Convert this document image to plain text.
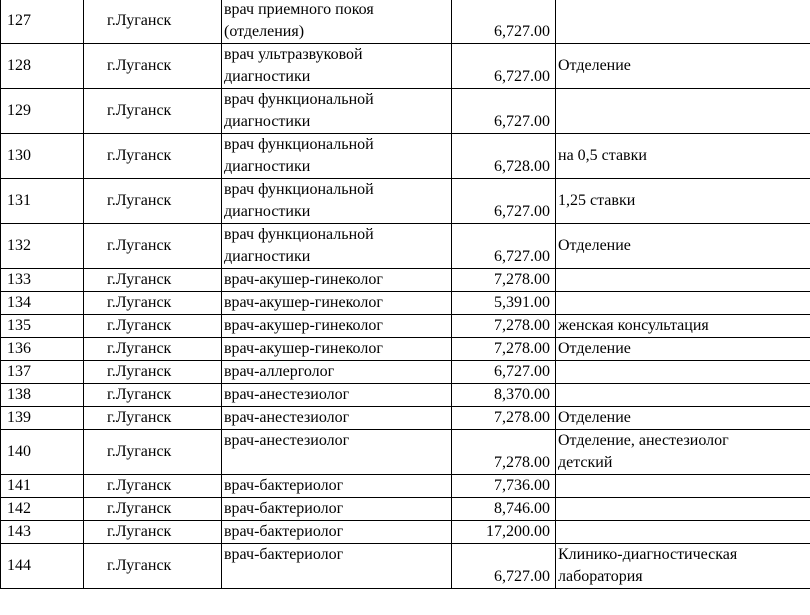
127	г.Луганск	врач приемного покоя
(отделения)	6,727.00	
128	г.Луганск	врач ультразвуковой
диагностики	6,727.00	Отделение
129	г.Луганск	врач функциональной
диагностики	6,727.00	
130	г.Луганск	врач функциональной
диагностики	6,728.00	на 0,5 ставки
131	г.Луганск	врач функциональной
диагностики	6,727.00	1,25 ставки
132	г.Луганск	врач функциональной
диагностики	6,727.00	Отделение
133	г.Луганск	врач-акушер-гинеколог	7,278.00	
134	г.Луганск	врач-акушер-гинеколог	5,391.00	
135	г.Луганск	врач-акушер-гинеколог	7,278.00	женская консультация
136	г.Луганск	врач-акушер-гинеколог	7,278.00	Отделение
137	г.Луганск	врач-аллерголог	6,727.00	
138	г.Луганск	врач-анестезиолог	8,370.00	
139	г.Луганск	врач-анестезиолог	7,278.00	Отделение
140	г.Луганск	врач-анестезиолог	7,278.00	Отделение, анестезиолог
детский

141	г.Луганск	врач-бактериолог	7,736.00	
142	г.Луганск	врач-бактериолог	8,746.00	
143	г.Луганск	врач-бактериолог	17,200.00	
144	г.Луганск	врач-бактериолог	6,727.00	Клинико-диагностическая
лаборатория
